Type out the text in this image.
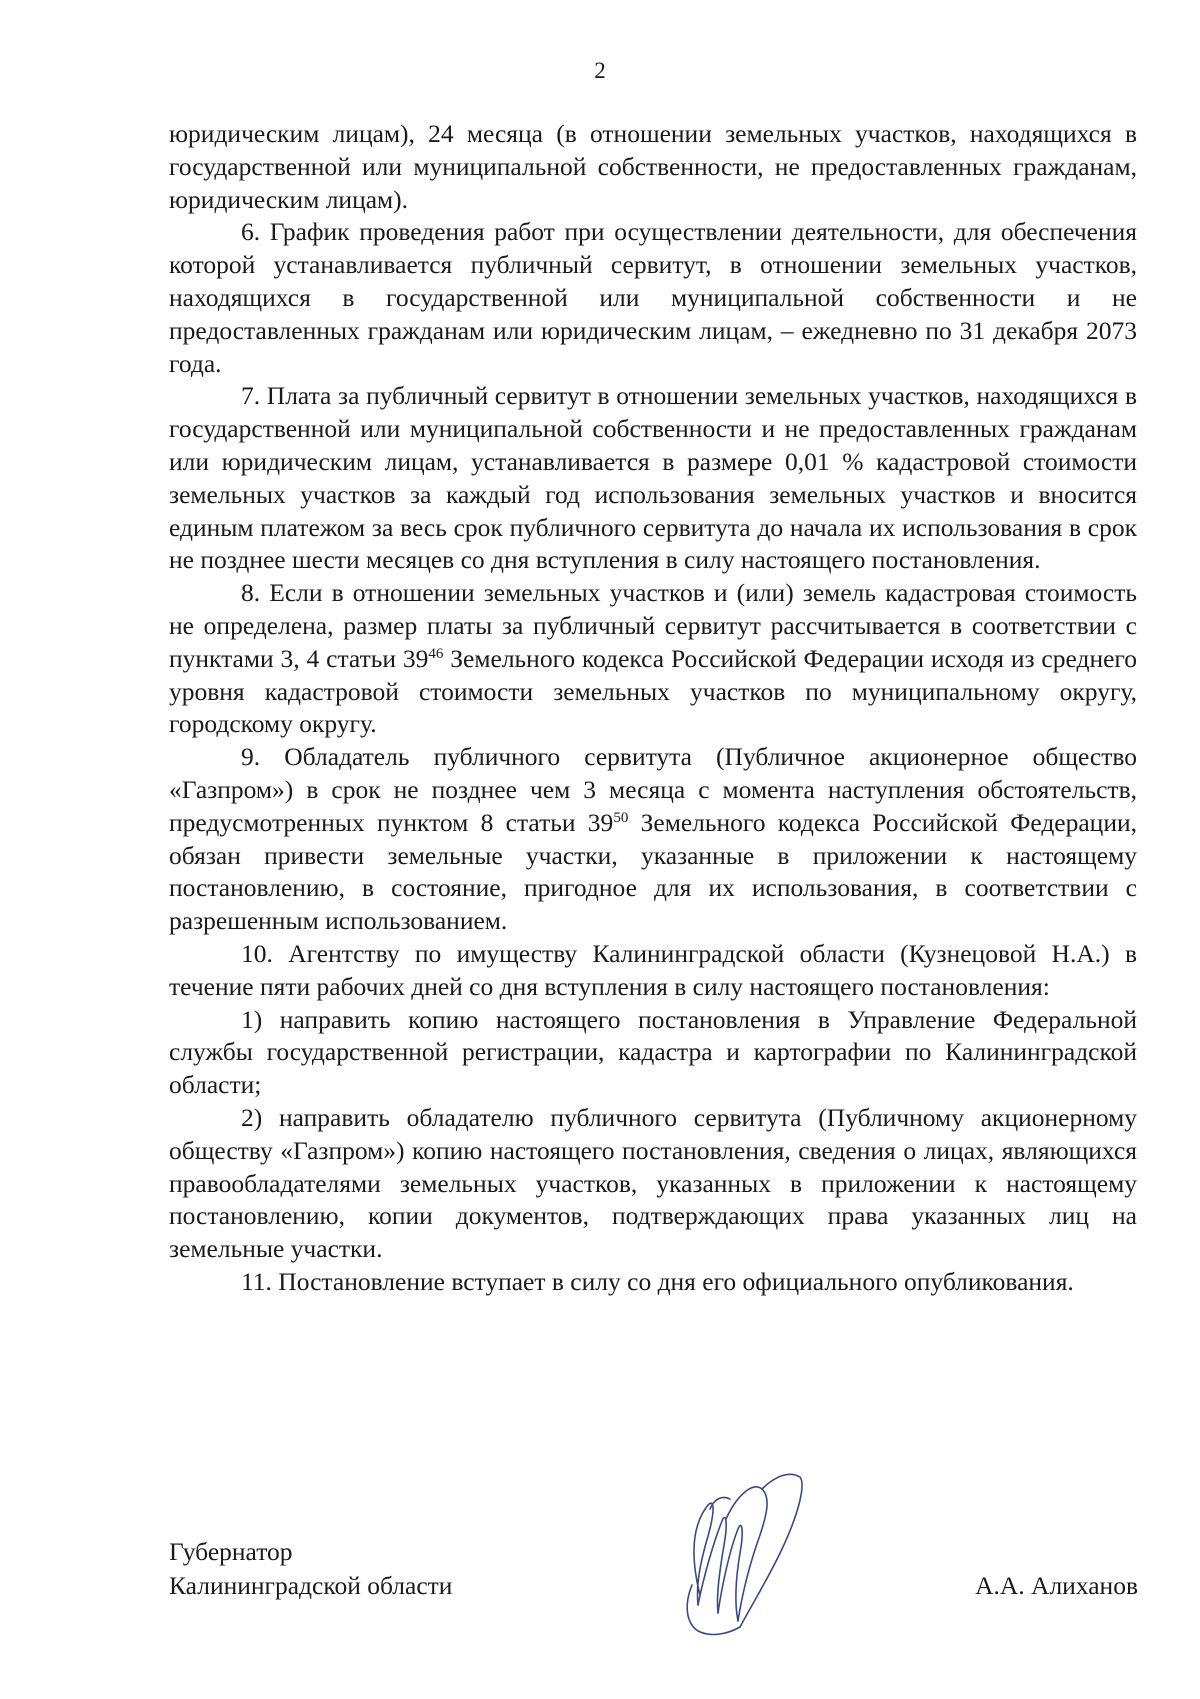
2

юридическим лицам), 24 месяца (в отношении земельных участков, находящихся в государственной или муниципальной собственности, не предоставленных гражданам, юридическим лицам).

6. График проведения работ при осуществлении деятельности, для обеспечения которой устанавливается публичный сервитут, в отношении земельных участков, находящихся в государственной или муниципальной собственности и не предоставленных гражданам или юридическим лицам, – ежедневно по 31 декабря 2073 года.

7. Плата за публичный сервитут в отношении земельных участков, находящихся в государственной или муниципальной собственности и не предоставленных гражданам или юридическим лицам, устанавливается в размере 0,01 % кадастровой стоимости земельных участков за каждый год использования земельных участков и вносится единым платежом за весь срок публичного сервитута до начала их использования в срок не позднее шести месяцев со дня вступления в силу настоящего постановления.

8. Если в отношении земельных участков и (или) земель кадастровая стоимость не определена, размер платы за публичный сервитут рассчитывается в соответствии с пунктами 3, 4 статьи $39^{46}$ Земельного кодекса Российской Федерации исходя из среднего уровня кадастровой стоимости земельных участков по муниципальному округу, городскому округу.

9. Обладатель публичного сервитута (Публичное акционерное общество «Газпром») в срок не позднее чем 3 месяца с момента наступления обстоятельств, предусмотренных пунктом 8 статьи $39^{50}$ Земельного кодекса Российской Федерации, обязан привести земельные участки, указанные в приложении к настоящему постановлению, в состояние, пригодное для их использования, в соответствии с разрешенным использованием.

10. Агентству по имуществу Калининградской области (Кузнецовой Н.А.) в течение пяти рабочих дней со дня вступления в силу настоящего постановления:

1) направить копию настоящего постановления в Управление Федеральной службы государственной регистрации, кадастра и картографии по Калининградской области;

2) направить обладателю публичного сервитута (Публичному акционерному обществу «Газпром») копию настоящего постановления, сведения о лицах, являющихся правообладателями земельных участков, указанных в приложении к настоящему постановлению, копии документов, подтверждающих права указанных лиц на земельные участки.

11. Постановление вступает в силу со дня его официального опубликования.

Губернатор
Калининградской области	А.А. Алиханов
